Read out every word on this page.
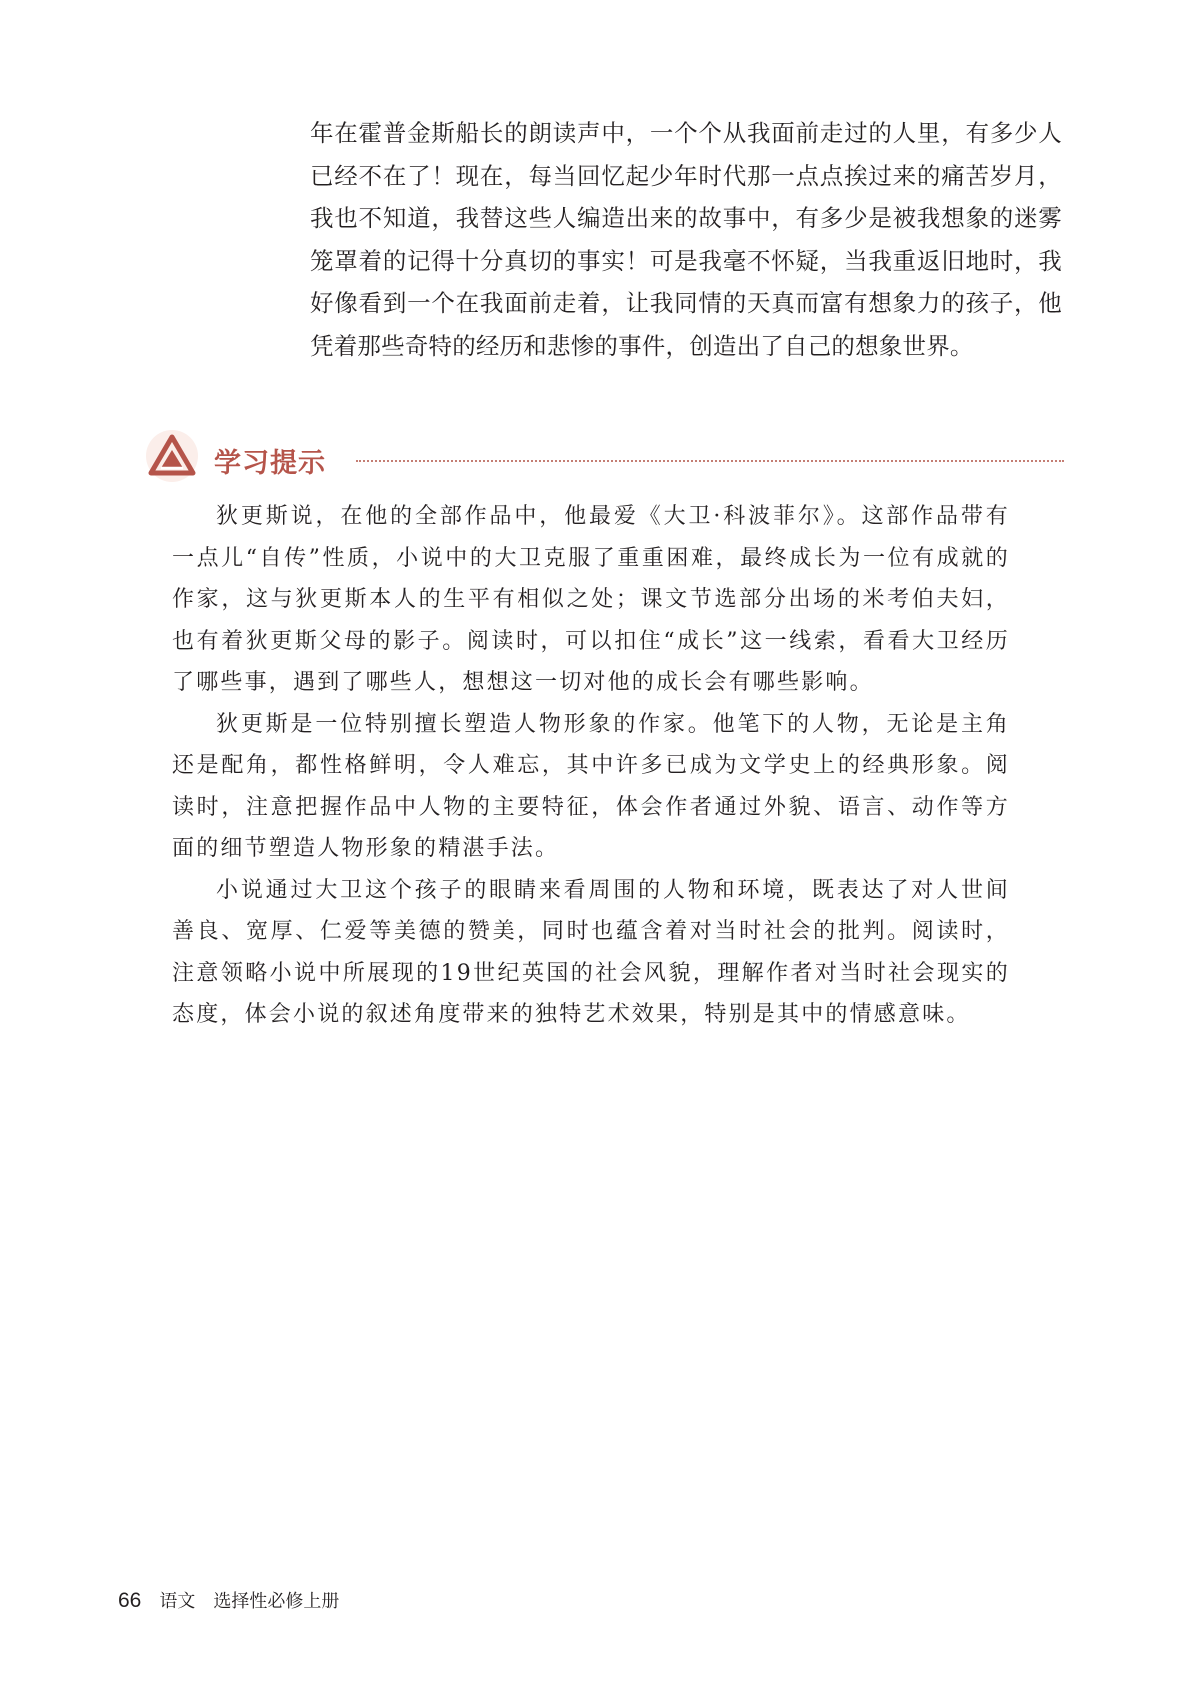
年在霍普金斯船长的朗读声中，一个个从我面前走过的人里，有多少人已经不在了！现在，每当回忆起少年时代那一点点挨过来的痛苦岁月，我也不知道，我替这些人编造出来的故事中，有多少是被我想象的迷雾笼罩着的记得十分真切的事实！可是我毫不怀疑，当我重返旧地时，我好像看到一个在我面前走着，让我同情的天真而富有想象力的孩子，他凭着那些奇特的经历和悲惨的事件，创造出了自己的想象世界。

学习提示

狄更斯说，在他的全部作品中，他最爱《大卫·科波菲尔》。这部作品带有一点儿“自传”性质，小说中的大卫克服了重重困难，最终成长为一位有成就的作家，这与狄更斯本人的生平有相似之处；课文节选部分出场的米考伯夫妇，也有着狄更斯父母的影子。阅读时，可以扣住“成长”这一线索，看看大卫经历了哪些事，遇到了哪些人，想想这一切对他的成长会有哪些影响。

狄更斯是一位特别擅长塑造人物形象的作家。他笔下的人物，无论是主角还是配角，都性格鲜明，令人难忘，其中许多已成为文学史上的经典形象。阅读时，注意把握作品中人物的主要特征，体会作者通过外貌、语言、动作等方面的细节塑造人物形象的精湛手法。

小说通过大卫这个孩子的眼睛来看周围的人物和环境，既表达了对人世间善良、宽厚、仁爱等美德的赞美，同时也蕴含着对当时社会的批判。阅读时，注意领略小说中所展现的19世纪英国的社会风貌，理解作者对当时社会现实的态度，体会小说的叙述角度带来的独特艺术效果，特别是其中的情感意味。

66 语文　选择性必修上册
